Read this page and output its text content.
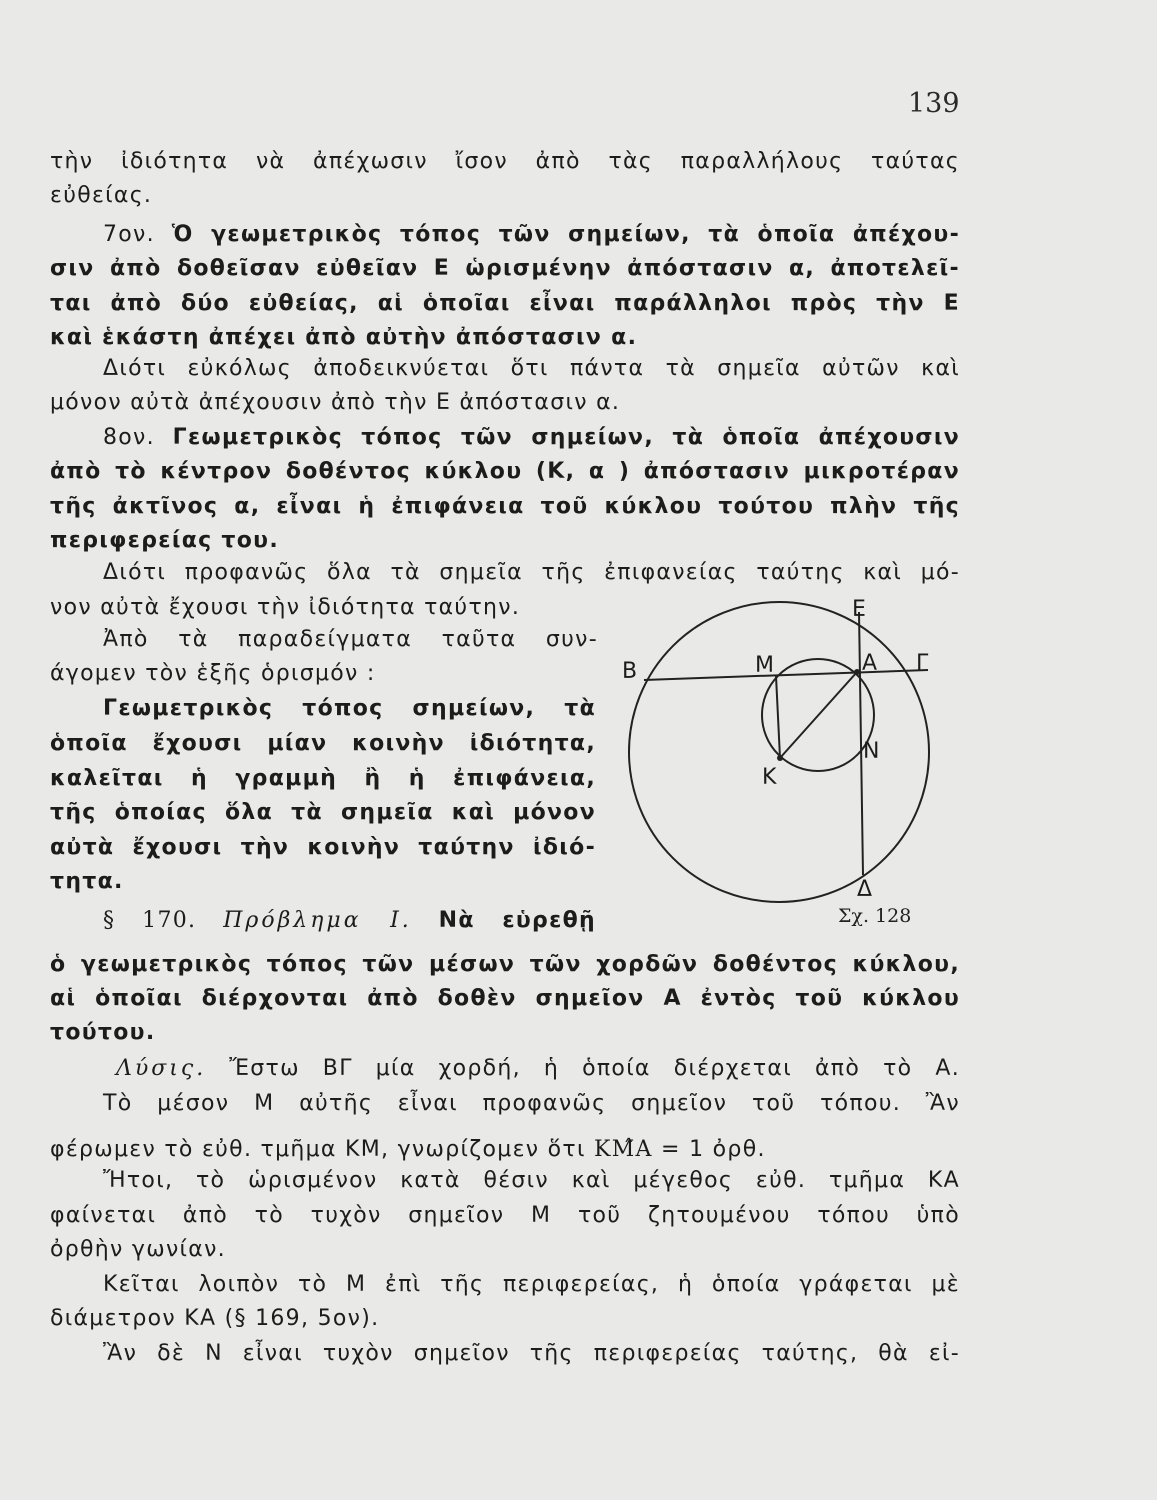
139
τὴν ἰδιότητα νὰ ἀπέχωσιν ἴσον ἀπὸ τὰς παραλλήλους ταύτας
εὐθείας.
7ον. Ὁ γεωμετρικὸς τόπος τῶν σημείων, τὰ ὁποῖα ἀπέχου-
σιν ἀπὸ δοθεῖσαν εὐθεῖαν Ε ὡρισμένην ἀπόστασιν α, ἀποτελεῖ-
ται ἀπὸ δύο εὐθείας, αἱ ὁποῖαι εἶναι παράλληλοι πρὸς τὴν Ε
καὶ ἑκάστη ἀπέχει ἀπὸ αὐτὴν ἀπόστασιν α.
Διότι εὐκόλως ἀποδεικνύεται ὅτι πάντα τὰ σημεῖα αὐτῶν καὶ
μόνον αὐτὰ ἀπέχουσιν ἀπὸ τὴν Ε ἀπόστασιν α.
8ον. Γεωμετρικὸς τόπος τῶν σημείων, τὰ ὁποῖα ἀπέχουσιν
ἀπὸ τὸ κέντρον δοθέντος κύκλου (Κ, α ) ἀπόστασιν μικροτέραν
τῆς ἀκτῖνος α, εἶναι ἡ ἐπιφάνεια τοῦ κύκλου τούτου πλὴν τῆς
περιφερείας του.
Διότι προφανῶς ὅλα τὰ σημεῖα τῆς ἐπιφανείας ταύτης καὶ μό-
νον αὐτὰ ἔχουσι τὴν ἰδιότητα ταύτην.
Ἀπὸ τὰ παραδείγματα ταῦτα συν-
άγομεν τὸν ἑξῆς ὁρισμόν :
Γεωμετρικὸς τόπος σημείων, τὰ
ὁποῖα ἔχουσι μίαν κοινὴν ἰδιότητα,
καλεῖται ἡ γραμμὴ ἢ ἡ ἐπιφάνεια,
τῆς ὁποίας ὅλα τὰ σημεῖα καὶ μόνον
αὐτὰ ἔχουσι τὴν κοινὴν ταύτην ἰδιό-
τητα.
§ 170. Πρόβλημα Ι. Νὰ εὑρεθῇ
ὁ γεωμετρικὸς τόπος τῶν μέσων τῶν χορδῶν δοθέντος κύκλου,
αἱ ὁποῖαι διέρχονται ἀπὸ δοθὲν σημεῖον Α ἐντὸς τοῦ κύκλου
τούτου.
Λύσις. Ἔστω ΒΓ μία χορδή, ἡ ὁποία διέρχεται ἀπὸ τὸ Α.
Τὸ μέσον Μ αὐτῆς εἶναι προφανῶς σημεῖον τοῦ τόπου. Ἂν
φέρωμεν τὸ εὐθ. τμῆμα ΚΜ, γνωρίζομεν ὅτι ΚΜ̂Α = 1 ὀρθ.
Ἤτοι, τὸ ὡρισμένον κατὰ θέσιν καὶ μέγεθος εὐθ. τμῆμα ΚΑ
φαίνεται ἀπὸ τὸ τυχὸν σημεῖον Μ τοῦ ζητουμένου τόπου ὑπὸ
ὀρθὴν γωνίαν.
Κεῖται λοιπὸν τὸ Μ ἐπὶ τῆς περιφερείας, ἡ ὁποία γράφεται μὲ
διάμετρον ΚΑ (§ 169, 5ον).
Ἂν δὲ Ν εἶναι τυχὸν σημεῖον τῆς περιφερείας ταύτης, θὰ εἰ-
Ε
Β	Γ
Μ	Α
Κ
Ν
Δ
Σχ. 128
